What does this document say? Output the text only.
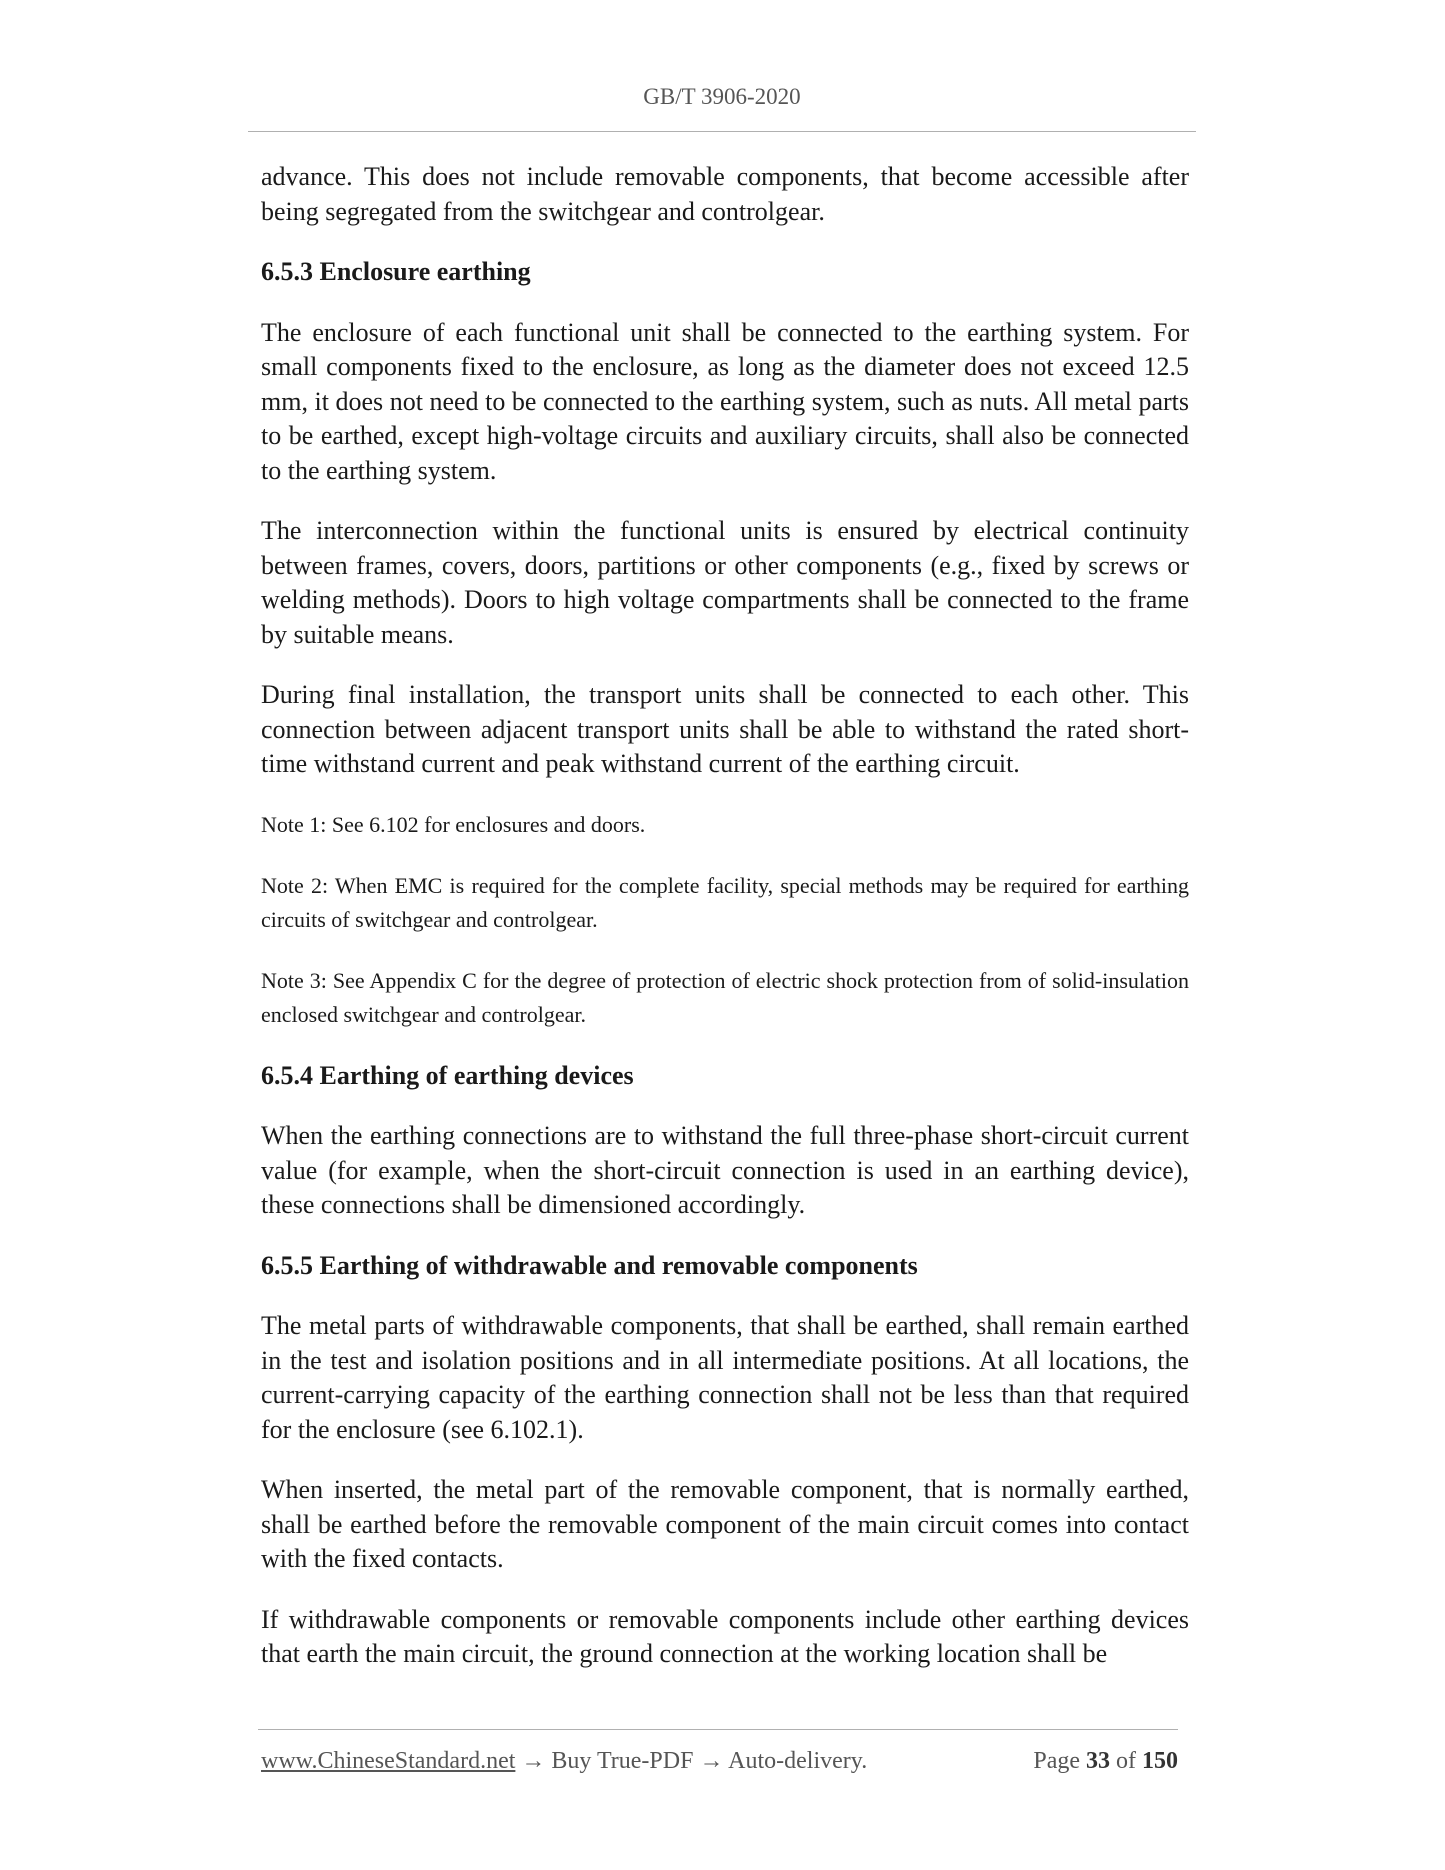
GB/T 3906-2020

advance. This does not include removable components, that become accessible after being segregated from the switchgear and controlgear.

6.5.3 Enclosure earthing

The enclosure of each functional unit shall be connected to the earthing system. For small components fixed to the enclosure, as long as the diameter does not exceed 12.5 mm, it does not need to be connected to the earthing system, such as nuts. All metal parts to be earthed, except high-voltage circuits and auxiliary circuits, shall also be connected to the earthing system.

The interconnection within the functional units is ensured by electrical continuity between frames, covers, doors, partitions or other components (e.g., fixed by screws or welding methods). Doors to high voltage compartments shall be connected to the frame by suitable means.

During final installation, the transport units shall be connected to each other. This connection between adjacent transport units shall be able to withstand the rated short-time withstand current and peak withstand current of the earthing circuit.

Note 1: See 6.102 for enclosures and doors.

Note 2: When EMC is required for the complete facility, special methods may be required for earthing circuits of switchgear and controlgear.

Note 3: See Appendix C for the degree of protection of electric shock protection from of solid-insulation enclosed switchgear and controlgear.

6.5.4 Earthing of earthing devices

When the earthing connections are to withstand the full three-phase short-circuit current value (for example, when the short-circuit connection is used in an earthing device), these connections shall be dimensioned accordingly.

6.5.5 Earthing of withdrawable and removable components

The metal parts of withdrawable components, that shall be earthed, shall remain earthed in the test and isolation positions and in all intermediate positions. At all locations, the current-carrying capacity of the earthing connection shall not be less than that required for the enclosure (see 6.102.1).

When inserted, the metal part of the removable component, that is normally earthed, shall be earthed before the removable component of the main circuit comes into contact with the fixed contacts.

If withdrawable components or removable components include other earthing devices that earth the main circuit, the ground connection at the working location shall be

www.ChineseStandard.net → Buy True-PDF → Auto-delivery.	Page 33 of 150
